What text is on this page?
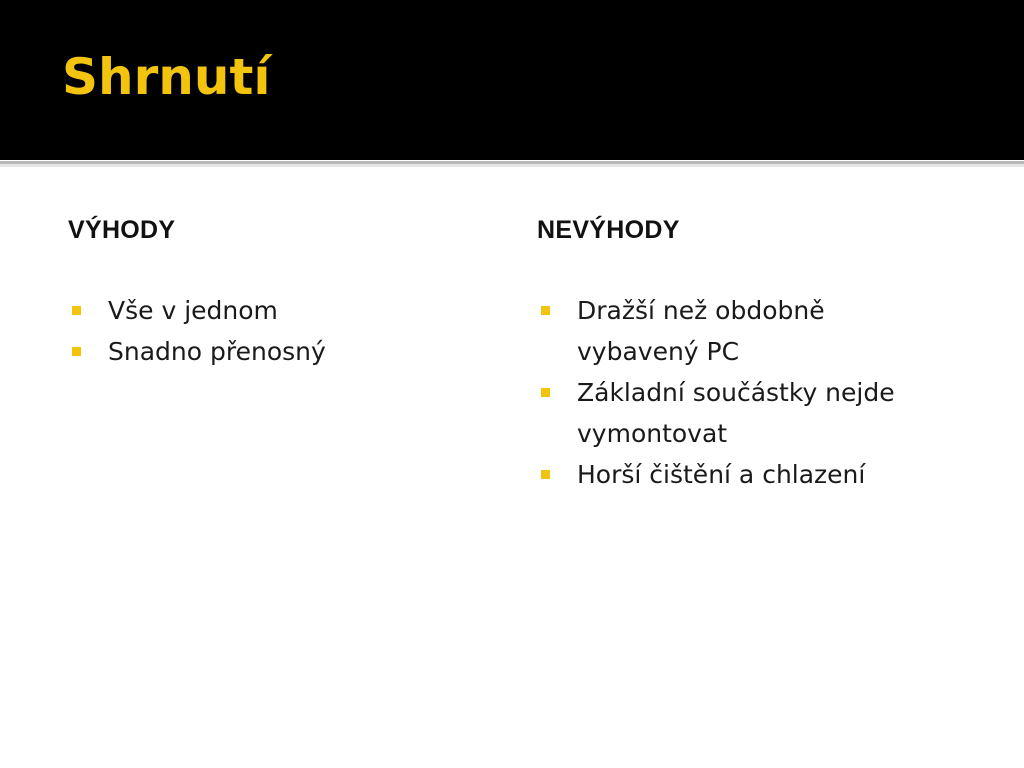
Shrnutí
VÝHODY
Vše v jednom
Snadno přenosný
NEVÝHODY
Dražší než obdobně vybavený PC
Základní součástky nejde vymontovat
Horší čištění a chlazení
